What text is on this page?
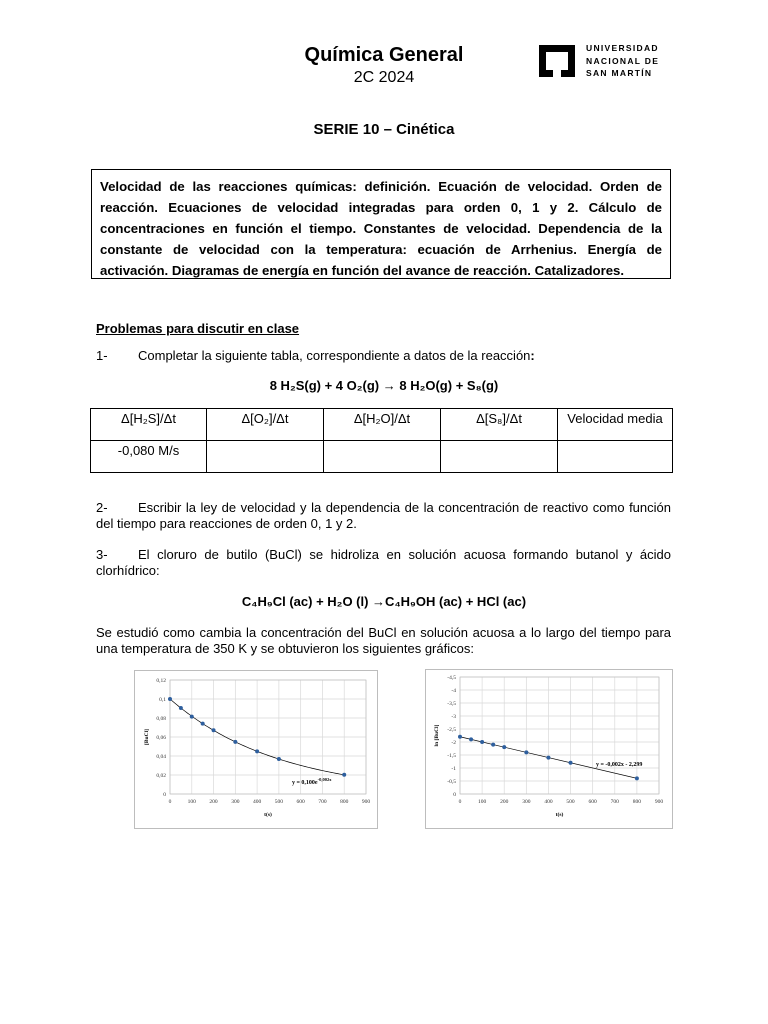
Química General
2C 2024
UNIVERSIDAD
NACIONAL DE
SAN MARTÍN
SERIE 10 – Cinética

Velocidad de las reacciones químicas: definición. Ecuación de velocidad. Orden de reacción. Ecuaciones de velocidad integradas para orden 0, 1 y 2. Cálculo de concentraciones en función el tiempo. Constantes de velocidad. Dependencia de la constante de velocidad con la temperatura: ecuación de Arrhenius. Energía de activación. Diagramas de energía en función del avance de reacción. Catalizadores.

Problemas para discutir en clase
1- Completar la siguiente tabla, correspondiente a datos de la reacción:
8 H₂S(g) + 4 O₂(g) → 8 H₂O(g) + S₈(g)
Δ[H₂S]/Δt	Δ[O₂]/Δt	Δ[H₂O]/Δt	Δ[S₈]/Δt	Velocidad media
-0,080 M/s				
2- Escribir la ley de velocidad y la dependencia de la concentración de reactivo como función del tiempo para reacciones de orden 0, 1 y 2.
3- El cloruro de butilo (BuCl) se hidroliza en solución acuosa formando butanol y ácido clorhídrico:
C₄H₉Cl (ac) + H₂O (l) →C₄H₉OH (ac) + HCl (ac)
Se estudió como cambia la concentración del BuCl en solución acuosa a lo largo del tiempo para una temperatura de 350 K y se obtuvieron los siguientes gráficos:
0
0,02
0,04
0,06
0,08
0,1
0,12
0	100 200 300 400 500 600 700 800 900
t(s)
[BuCl]
$y = 0,100e^{-0,002x}$
0
-0,5
-1
-1,5
-2
-2,5
-3
-3,5
-4
-4,5
0	100	200	300	400	500	600	700	800	900
t(s)
ln [BuCl]
y = -0,002x - 2,299
